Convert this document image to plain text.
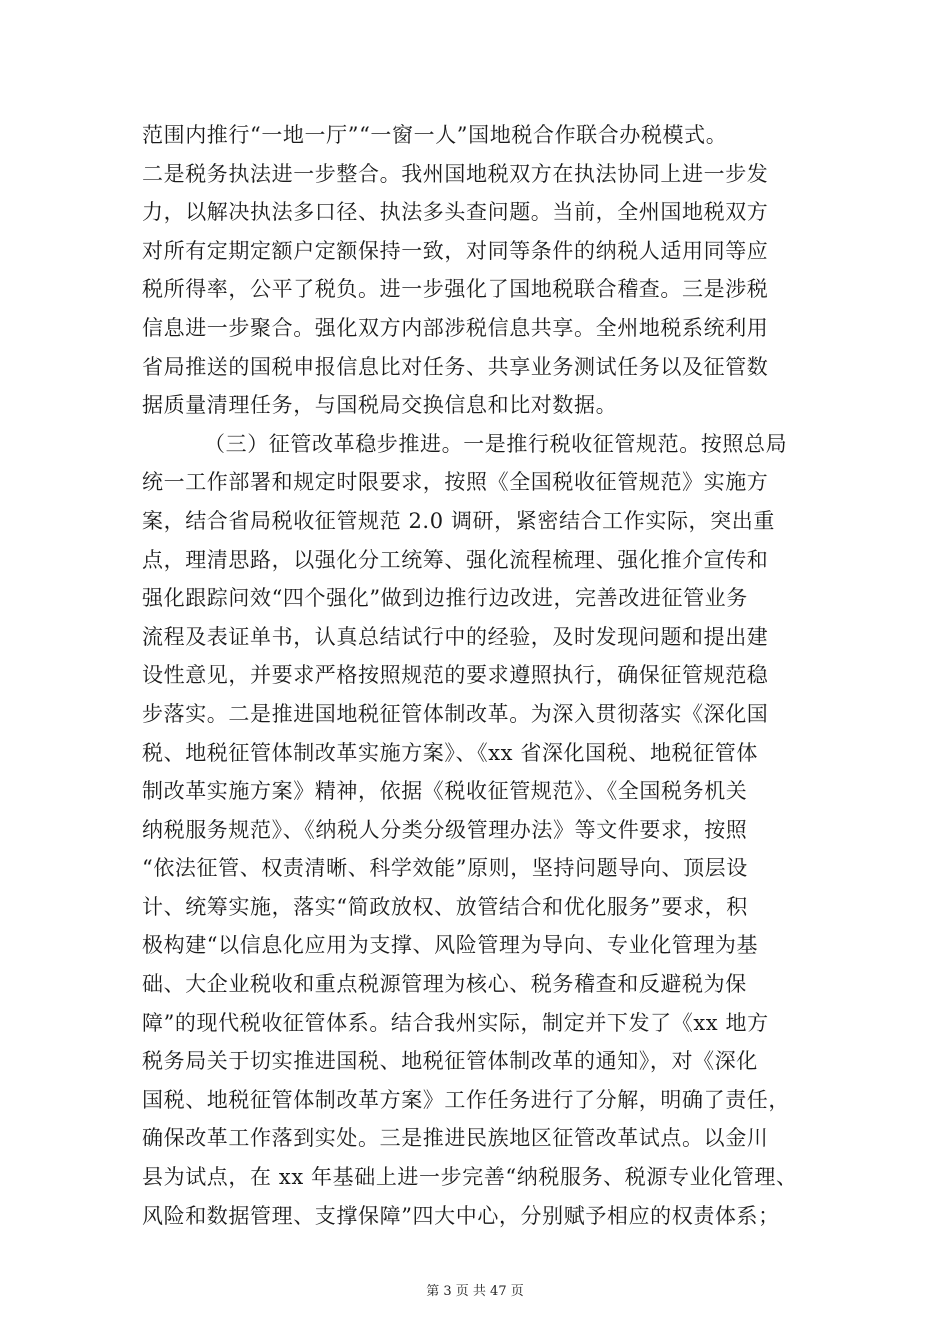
范围内推行“一地一厅”“一窗一人”国地税合作联合办税模式。
二是税务执法进一步整合。我州国地税双方在执法协同上进一步发
力，以解决执法多口径、执法多头查问题。当前，全州国地税双方
对所有定期定额户定额保持一致，对同等条件的纳税人适用同等应
税所得率，公平了税负。进一步强化了国地税联合稽查。三是涉税
信息进一步聚合。强化双方内部涉税信息共享。全州地税系统利用
省局推送的国税申报信息比对任务、共享业务测试任务以及征管数
据质量清理任务，与国税局交换信息和比对数据。
（三）征管改革稳步推进。一是推行税收征管规范。按照总局
统一工作部署和规定时限要求，按照《全国税收征管规范》实施方
案，结合省局税收征管规范 2.0 调研，紧密结合工作实际，突出重
点，理清思路，以强化分工统筹、强化流程梳理、强化推介宣传和
强化跟踪问效“四个强化”做到边推行边改进，完善改进征管业务
流程及表证单书，认真总结试行中的经验，及时发现问题和提出建
设性意见，并要求严格按照规范的要求遵照执行，确保征管规范稳
步落实。二是推进国地税征管体制改革。为深入贯彻落实《深化国
税、地税征管体制改革实施方案》、《xx 省深化国税、地税征管体
制改革实施方案》精神，依据《税收征管规范》、《全国税务机关
纳税服务规范》、《纳税人分类分级管理办法》等文件要求，按照
“依法征管、权责清晰、科学效能”原则，坚持问题导向、顶层设
计、统筹实施，落实“简政放权、放管结合和优化服务”要求，积
极构建“以信息化应用为支撑、风险管理为导向、专业化管理为基
础、大企业税收和重点税源管理为核心、税务稽查和反避税为保
障”的现代税收征管体系。结合我州实际，制定并下发了《xx 地方
税务局关于切实推进国税、地税征管体制改革的通知》，对《深化
国税、地税征管体制改革方案》工作任务进行了分解，明确了责任，
确保改革工作落到实处。三是推进民族地区征管改革试点。以金川
县为试点，在 xx 年基础上进一步完善“纳税服务、税源专业化管理、
风险和数据管理、支撑保障”四大中心，分别赋予相应的权责体系；
第 3 页 共 47 页
